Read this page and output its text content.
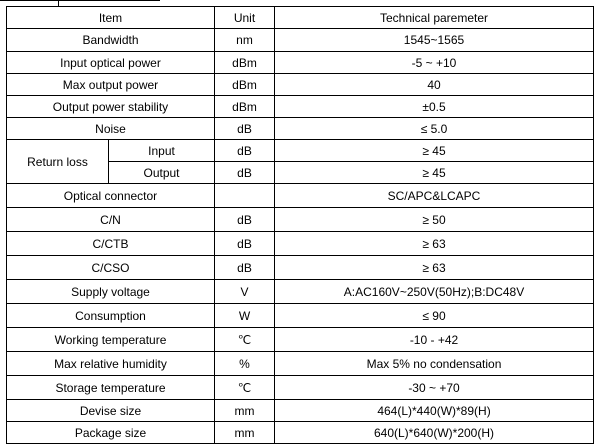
Item		Unit	Technical paremeter
Bandwidth		nm	1545~1565
Input optical power		dBm	-5 ~ +10
Max output power		dBm	40
Output power stability		dBm	±0.5
Noise		dB	≤ 5.0
Return loss	Input	dB	≥ 45
	Output	dB	≥ 45
Optical connector			SC/APC&LCAPC
C/N		dB	≥ 50
C/CTB		dB	≥ 63
C/CSO		dB	≥ 63
Supply voltage		V	A:AC160V~250V(50Hz);B:DC48V
Consumption		W	≤ 90
Working temperature		℃	-10 - +42
Max relative humidity		%	Max 5% no condensation
Storage temperature		℃	-30 ~ +70
Devise size		mm	464(L)*440(W)*89(H)
Package size		mm	640(L)*640(W)*200(H)
